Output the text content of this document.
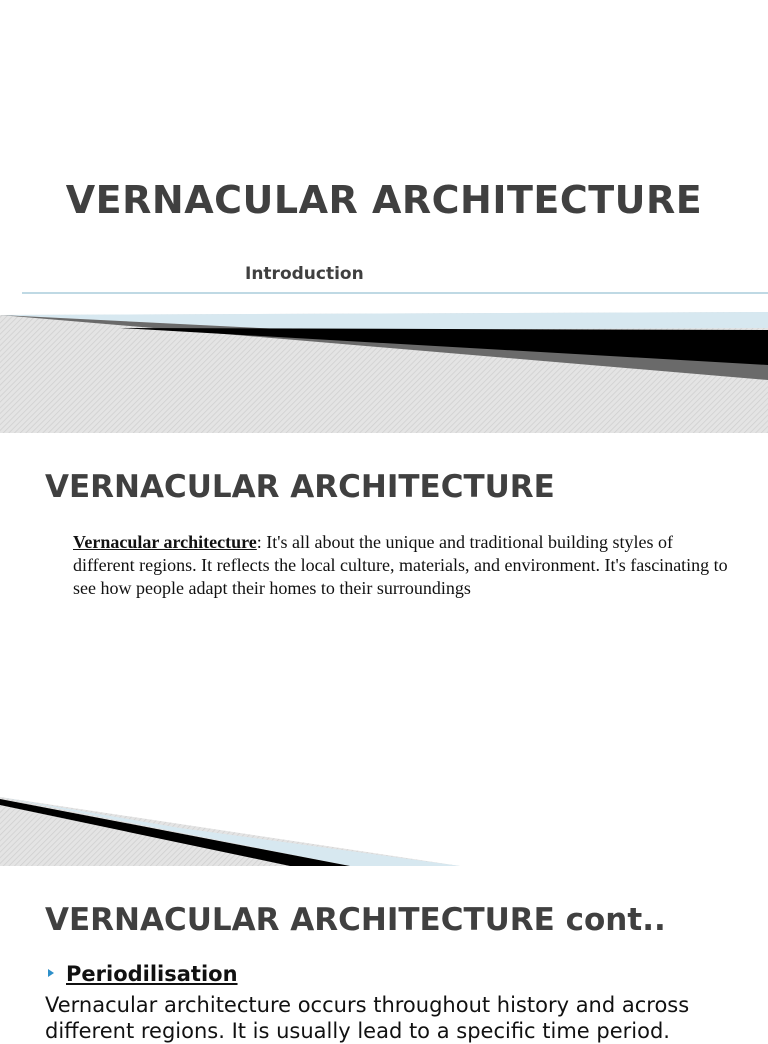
VERNACULAR ARCHITECTURE
Introduction
VERNACULAR ARCHITECTURE

Vernacular architecture: It's all about the unique and traditional building styles of different regions. It reflects the local culture, materials, and environment. It's fascinating to see how people adapt their homes to their surroundings

VERNACULAR ARCHITECTURE cont..
Periodilisation

Vernacular architecture occurs throughout history and across different regions. It is usually lead to a specific time period.
